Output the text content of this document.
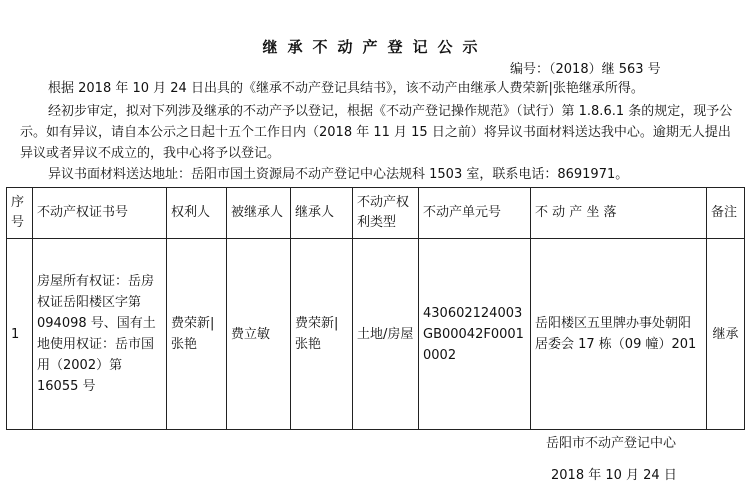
继承不动产登记公示
编号：（2018）继 563 号
根据 2018 年 10 月 24 日出具的《继承不动产登记具结书》，该不动产由继承人费荣新|张艳继承所得。
经初步审定，拟对下列涉及继承的不动产予以登记，根据《不动产登记操作规范》（试行）第 1.8.6.1 条的规定，现予公示。如有异议，请自本公示之日起十五个工作日内（2018 年 11 月 15 日之前）将异议书面材料送达我中心。逾期无人提出异议或者异议不成立的，我中心将予以登记。
异议书面材料送达地址：岳阳市国土资源局不动产登记中心法规科 1503 室，联系电话：8691971。
序号	不动产权证书号	权利人	被继承人	继承人	不动产权利类型	不动产单元号	不 动 产 坐 落	备注
1	房屋所有权证：岳房权证岳阳楼区字第 094098 号、国有土地使用权证：岳市国用（2002）第 16055 号	费荣新|张艳	费立敏	费荣新|张艳	土地/房屋	430602124003GB00042F00010002	岳阳楼区五里牌办事处朝阳居委会 17 栋（09 幢）201	继承
岳阳市不动产登记中心
2018 年 10 月 24 日
